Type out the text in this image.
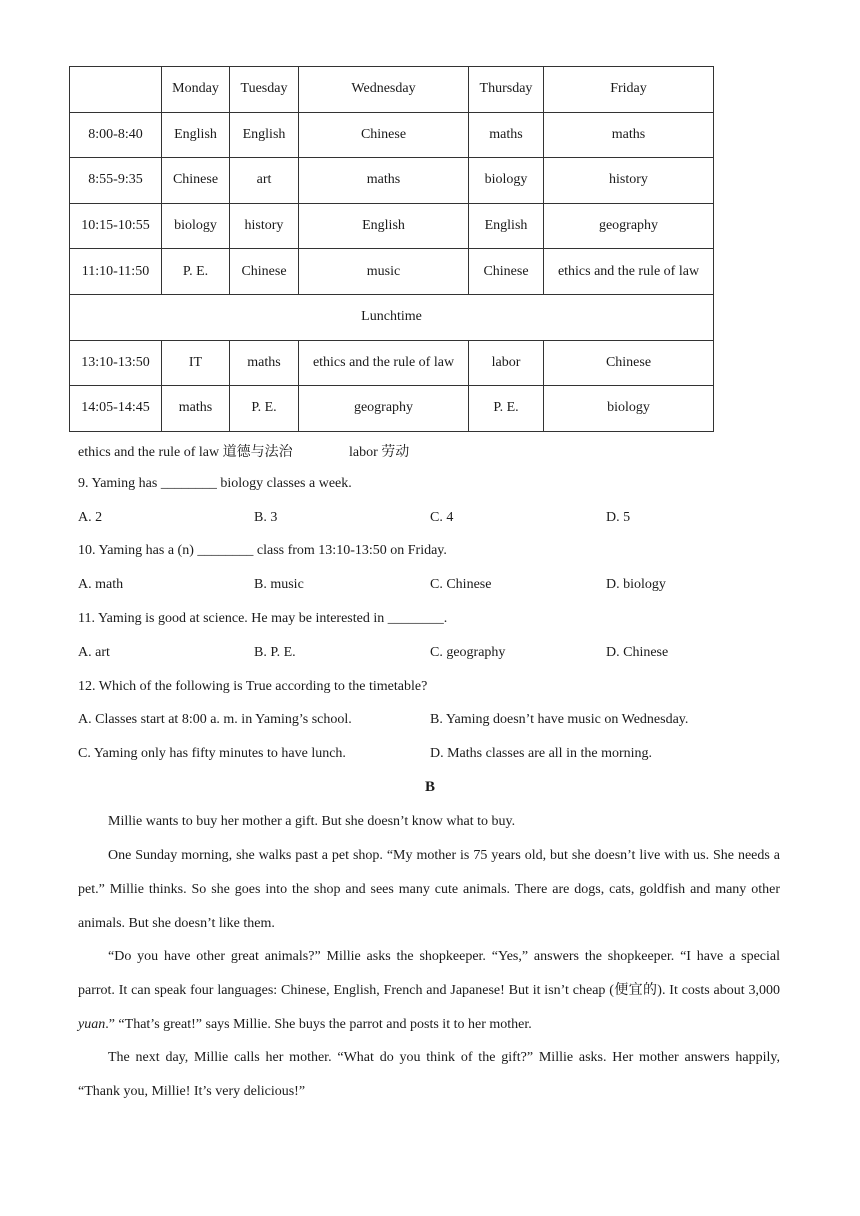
	Monday	Tuesday	Wednesday	Thursday	Friday
8:00-8:40	English	English	Chinese	maths	maths
8:55-9:35	Chinese	art	maths	biology	history
10:15-10:55	biology	history	English	English	geography
11:10-11:50	P. E.	Chinese	music	Chinese	ethics and the rule of law
Lunchtime					
13:10-13:50	IT	maths	ethics and the rule of law	labor	Chinese
14:05-14:45	maths	P. E.	geography	P. E.	biology
ethics and the rule of law 道德与法治	labor 劳动
9. Yaming has ________ biology classes a week.
A. 2	B. 3	C. 4	D. 5
10. Yaming has a (n) ________ class from 13:10-13:50 on Friday.
A. math	B. music	C. Chinese	D. biology
11. Yaming is good at science. He may be interested in ________.
A. art	B. P. E.	C. geography	D. Chinese
12. Which of the following is True according to the timetable?
A. Classes start at 8:00 a. m. in Yaming’s school.	B. Yaming doesn’t have music on Wednesday.
C. Yaming only has fifty minutes to have lunch.	D. Maths classes are all in the morning.
B
Millie wants to buy her mother a gift. But she doesn’t know what to buy.
One Sunday morning, she walks past a pet shop. “My mother is 75 years old, but she doesn’t live with us. She needs a pet.” Millie thinks. So she goes into the shop and sees many cute animals. There are dogs, cats, goldfish and many other animals. But she doesn’t like them.
“Do you have other great animals?” Millie asks the shopkeeper. “Yes,” answers the shopkeeper. “I have a special parrot. It can speak four languages: Chinese, English, French and Japanese! But it isn’t cheap (便宜的). It costs about 3,000 yuan.” “That’s great!” says Millie. She buys the parrot and posts it to her mother.
The next day, Millie calls her mother. “What do you think of the gift?” Millie asks. Her mother answers happily, “Thank you, Millie! It’s very delicious!”
